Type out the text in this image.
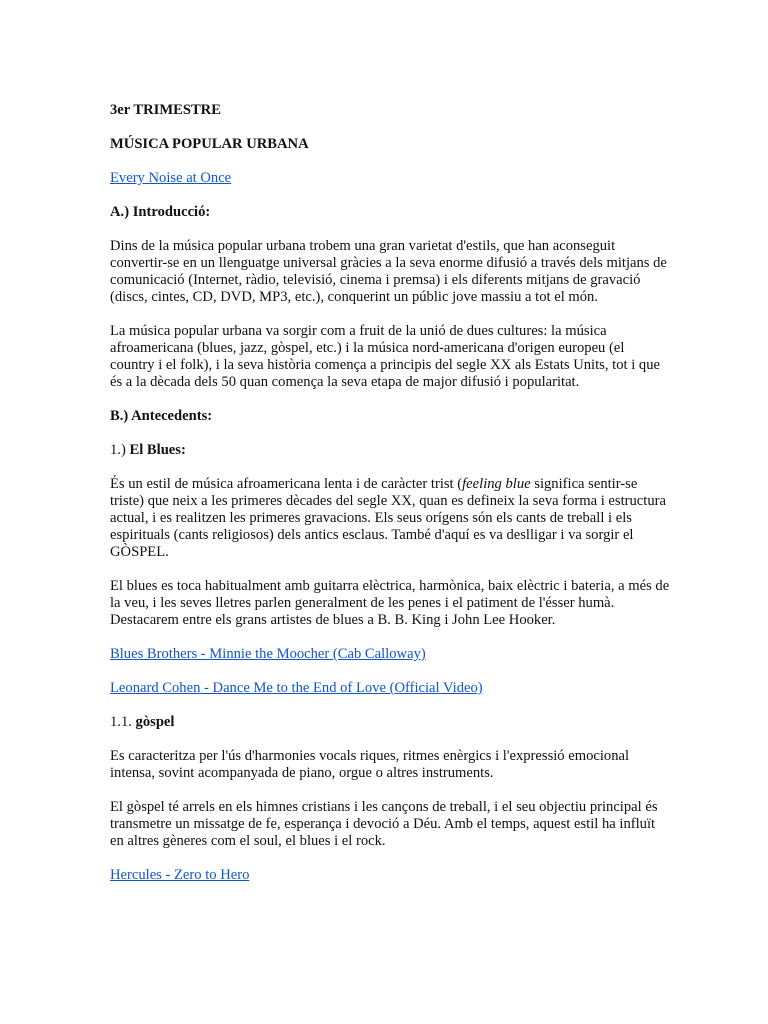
3er TRIMESTRE

MÚSICA POPULAR URBANA

Every Noise at Once

A.) Introducció:

Dins de la música popular urbana trobem una gran varietat d'estils, que han aconseguit convertir-se en un llenguatge universal gràcies a la seva enorme difusió a través dels mitjans de comunicació (Internet, ràdio, televisió, cinema i premsa) i els diferents mitjans de gravació (discs, cintes, CD, DVD, MP3, etc.), conquerint un públic jove massiu a tot el món.

La música popular urbana va sorgir com a fruit de la unió de dues cultures: la música afroamericana (blues, jazz, gòspel, etc.) i la música nord-americana d'origen europeu (el country i el folk), i la seva història comença a principis del segle XX als Estats Units, tot i que és a la dècada dels 50 quan comença la seva etapa de major difusió i popularitat.

B.) Antecedents:

1.) El Blues:

És un estil de música afroamericana lenta i de caràcter trist (feeling blue significa sentir-se triste) que neix a les primeres dècades del segle XX, quan es defineix la seva forma i estructura actual, i es realitzen les primeres gravacions. Els seus orígens són els cants de treball i els espirituals (cants religiosos) dels antics esclaus. També d'aquí es va deslligar i va sorgir el GÒSPEL.

El blues es toca habitualment amb guitarra elèctrica, harmònica, baix elèctric i bateria, a més de la veu, i les seves lletres parlen generalment de les penes i el patiment de l'ésser humà. Destacarem entre els grans artistes de blues a B. B. King i John Lee Hooker.

Blues Brothers - Minnie the Moocher (Cab Calloway)

Leonard Cohen - Dance Me to the End of Love (Official Video)

1.1. gòspel

Es caracteritza per l'ús d'harmonies vocals riques, ritmes enèrgics i l'expressió emocional intensa, sovint acompanyada de piano, orgue o altres instruments.

El gòspel té arrels en els himnes cristians i les cançons de treball, i el seu objectiu principal és transmetre un missatge de fe, esperança i devoció a Déu. Amb el temps, aquest estil ha influït en altres gèneres com el soul, el blues i el rock.

Hercules - Zero to Hero
